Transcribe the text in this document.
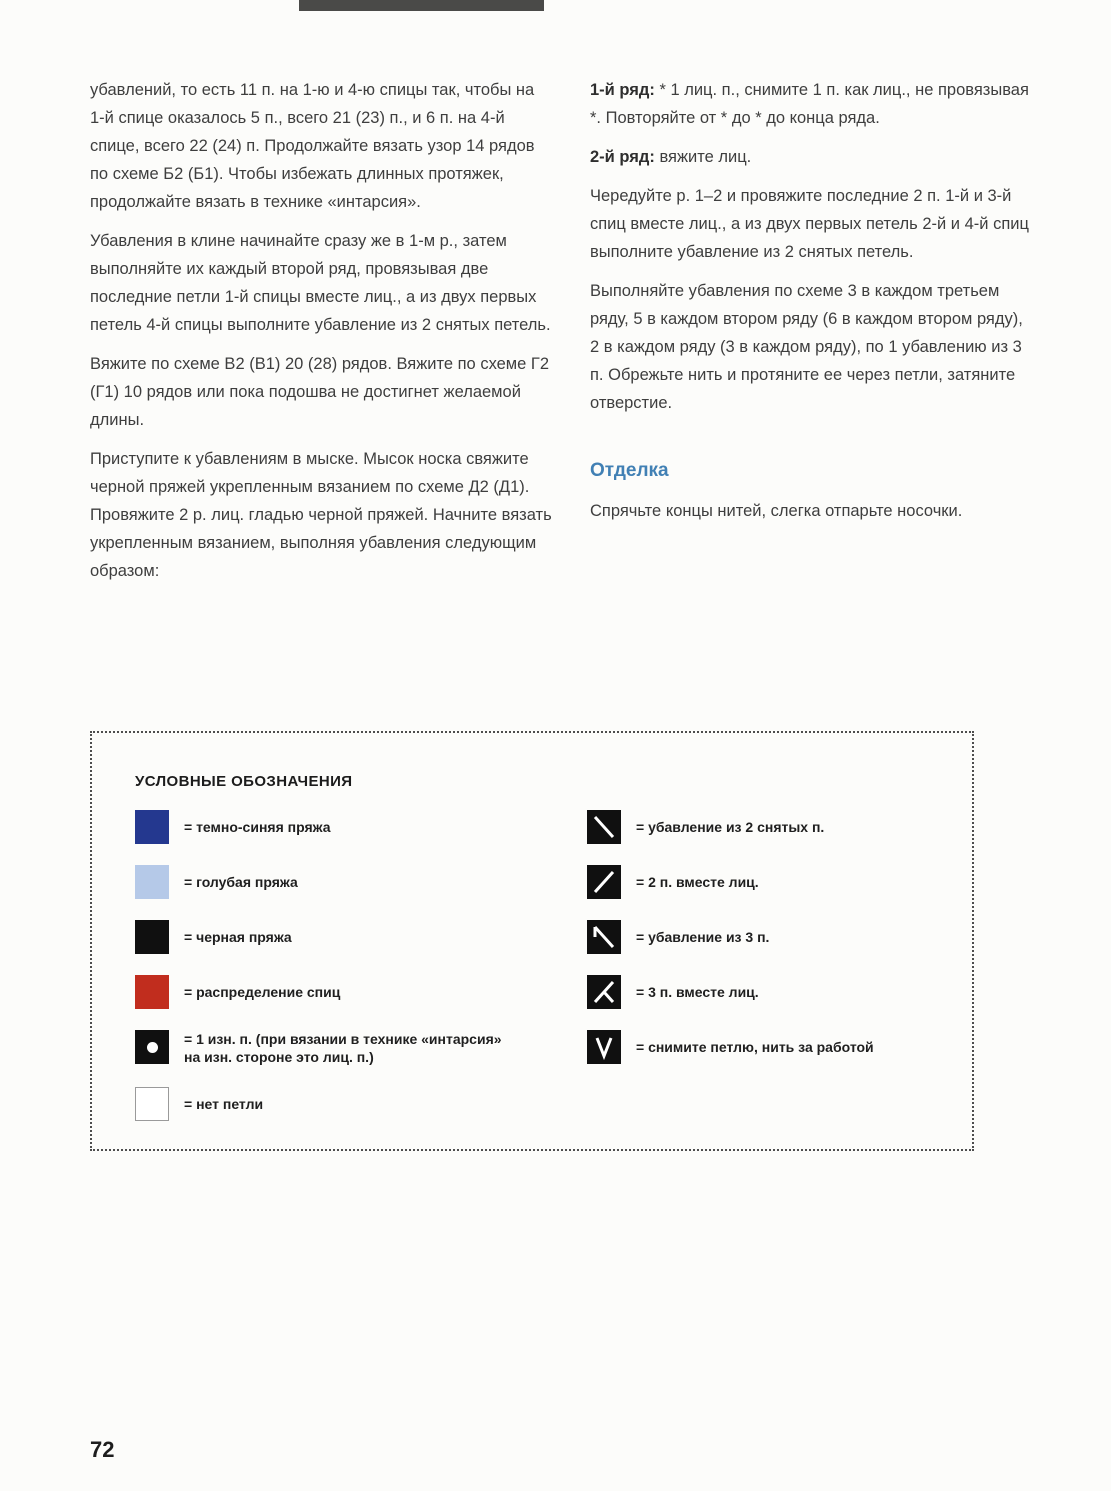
убавлений, то есть 11 п. на 1-ю и 4-ю спицы так, чтобы на 1-й спице оказалось 5 п., всего 21 (23) п., и 6 п. на 4-й спице, всего 22 (24) п. Продолжайте вязать узор 14 рядов по схеме Б2 (Б1). Чтобы избежать длинных протяжек, продолжайте вязать в технике «интарсия».

Убавления в клине начинайте сразу же в 1-м р., затем выполняйте их каждый второй ряд, провязывая две последние петли 1-й спицы вместе лиц., а из двух первых петель 4-й спицы выполните убавление из 2 снятых петель.

Вяжите по схеме В2 (В1) 20 (28) рядов. Вяжите по схеме Г2 (Г1) 10 рядов или пока подошва не достигнет желаемой длины.

Приступите к убавлениям в мыске. Мысок носка свяжите черной пряжей укрепленным вязанием по схеме Д2 (Д1). Провяжите 2 р. лиц. гладью черной пряжей. Начните вязать укрепленным вязанием, выполняя убавления следующим образом:

1-й ряд: * 1 лиц. п., снимите 1 п. как лиц., не провязывая *. Повторяйте от * до * до конца ряда.

2-й ряд: вяжите лиц.

Чередуйте р. 1–2 и провяжите последние 2 п. 1-й и 3-й спиц вместе лиц., а из двух первых петель 2-й и 4-й спиц выполните убавление из 2 снятых петель.

Выполняйте убавления по схеме 3 в каждом третьем ряду, 5 в каждом втором ряду (6 в каждом втором ряду), 2 в каждом ряду (3 в каждом ряду), по 1 убавлению из 3 п. Обрежьте нить и протяните ее через петли, затяните отверстие.

Отделка

Спрячьте концы нитей, слегка отпарьте носочки.

УСЛОВНЫЕ ОБОЗНАЧЕНИЯ
= темно-синяя пряжа
= голубая пряжа
= черная пряжа
= распределение спиц
= 1 изн. п. (при вязании в технике «интарсия» на изн. стороне это лиц. п.)
= нет петли
= убавление из 2 снятых п.
= 2 п. вместе лиц.
= убавление из 3 п.
= 3 п. вместе лиц.
= снимите петлю, нить за работой
72
